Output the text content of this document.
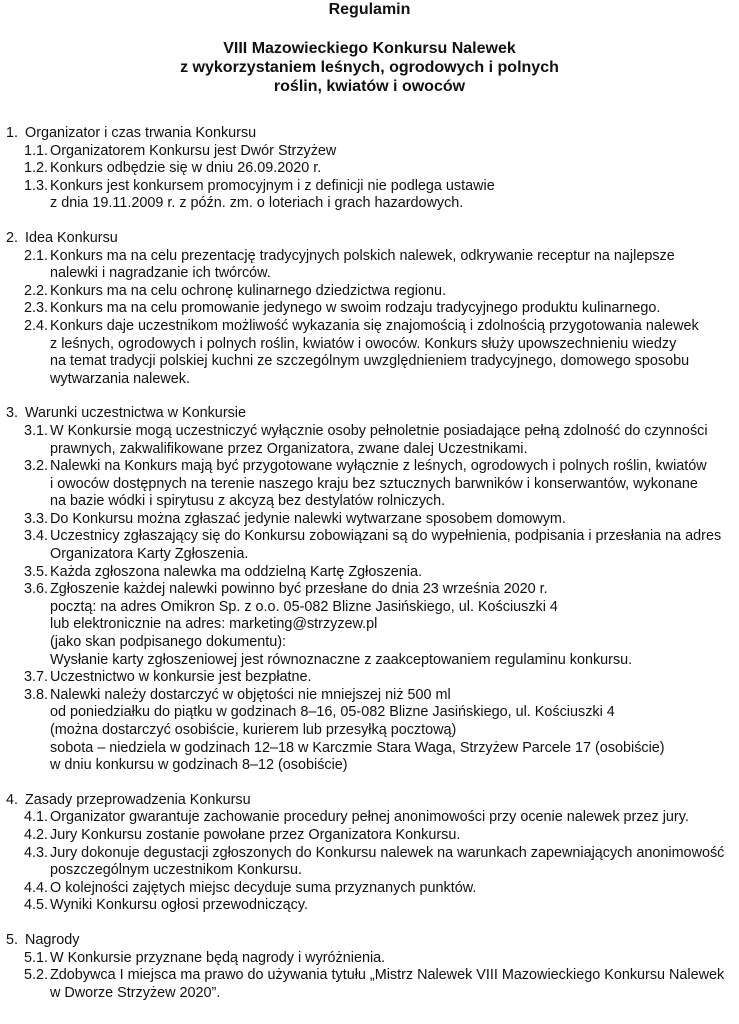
Regulamin
VIII Mazowieckiego Konkursu Nalewek
z wykorzystaniem leśnych, ogrodowych i polnych
roślin, kwiatów i owoców
1. Organizator i czas trwania Konkursu
1.1. Organizatorem Konkursu jest Dwór Strzyżew
1.2. Konkurs odbędzie się w dniu 26.09.2020 r.
1.3. Konkurs jest konkursem promocyjnym i z definicji nie podlega ustawie
z dnia 19.11.2009 r. z późn. zm. o loteriach i grach hazardowych.
2. Idea Konkursu
2.1. Konkurs ma na celu prezentację tradycyjnych polskich nalewek, odkrywanie receptur na najlepsze
nalewki i nagradzanie ich twórców.
2.2. Konkurs ma na celu ochronę kulinarnego dziedzictwa regionu.
2.3. Konkurs ma na celu promowanie jedynego w swoim rodzaju tradycyjnego produktu kulinarnego.
2.4. Konkurs daje uczestnikom możliwość wykazania się znajomością i zdolnością przygotowania nalewek
z leśnych, ogrodowych i polnych roślin, kwiatów i owoców. Konkurs służy upowszechnieniu wiedzy
na temat tradycji polskiej kuchni ze szczególnym uwzględnieniem tradycyjnego, domowego sposobu
wytwarzania nalewek.
3. Warunki uczestnictwa w Konkursie
3.1. W Konkursie mogą uczestniczyć wyłącznie osoby pełnoletnie posiadające pełną zdolność do czynności
prawnych, zakwalifikowane przez Organizatora, zwane dalej Uczestnikami.
3.2. Nalewki na Konkurs mają być przygotowane wyłącznie z leśnych, ogrodowych i polnych roślin, kwiatów
i owoców dostępnych na terenie naszego kraju bez sztucznych barwników i konserwantów, wykonane
na bazie wódki i spirytusu z akcyzą bez destylatów rolniczych.
3.3. Do Konkursu można zgłaszać jedynie nalewki wytwarzane sposobem domowym.
3.4. Uczestnicy zgłaszający się do Konkursu zobowiązani są do wypełnienia, podpisania i przesłania na adres
Organizatora Karty Zgłoszenia.
3.5. Każda zgłoszona nalewka ma oddzielną Kartę Zgłoszenia.
3.6. Zgłoszenie każdej nalewki powinno być przesłane do dnia 23 września 2020 r.
pocztą: na adres Omikron Sp. z o.o. 05-082 Blizne Jasińskiego, ul. Kościuszki 4
lub elektronicznie na adres: marketing@strzyzew.pl
(jako skan podpisanego dokumentu):
Wysłanie karty zgłoszeniowej jest równoznaczne z zaakceptowaniem regulaminu konkursu.
3.7. Uczestnictwo w konkursie jest bezpłatne.
3.8. Nalewki należy dostarczyć w objętości nie mniejszej niż 500 ml
od poniedziałku do piątku w godzinach 8–16, 05-082 Blizne Jasińskiego, ul. Kościuszki 4
(można dostarczyć osobiście, kurierem lub przesyłką pocztową)
sobota – niedziela w godzinach 12–18 w Karczmie Stara Waga, Strzyżew Parcele 17 (osobiście)
w dniu konkursu w godzinach 8–12 (osobiście)
4. Zasady przeprowadzenia Konkursu
4.1. Organizator gwarantuje zachowanie procedury pełnej anonimowości przy ocenie nalewek przez jury.
4.2. Jury Konkursu zostanie powołane przez Organizatora Konkursu.
4.3. Jury dokonuje degustacji zgłoszonych do Konkursu nalewek na warunkach zapewniających anonimowość
poszczególnym uczestnikom Konkursu.
4.4. O kolejności zajętych miejsc decyduje suma przyznanych punktów.
4.5. Wyniki Konkursu ogłosi przewodniczący.
5. Nagrody
5.1. W Konkursie przyznane będą nagrody i wyróżnienia.
5.2. Zdobywca I miejsca ma prawo do używania tytułu „Mistrz Nalewek VIII Mazowieckiego Konkursu Nalewek
w Dworze Strzyżew 2020”.
